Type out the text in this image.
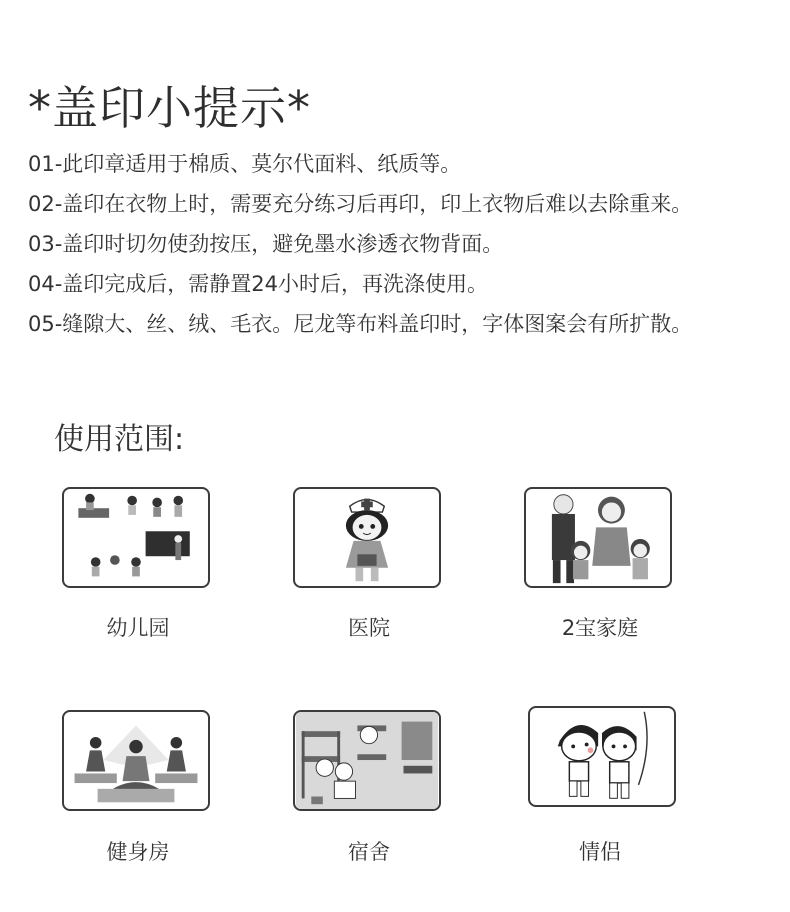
*盖印小提示*
01-此印章适用于棉质、莫尔代面料、纸质等。
02-盖印在衣物上时，需要充分练习后再印，印上衣物后难以去除重来。
03-盖印时切勿使劲按压，避免墨水渗透衣物背面。
04-盖印完成后，需静置24小时后，再洗涤使用。
05-缝隙大、丝、绒、毛衣。尼龙等布料盖印时，字体图案会有所扩散。
使用范围:
幼儿园	医院	2宝家庭
健身房	宿舍	情侣
